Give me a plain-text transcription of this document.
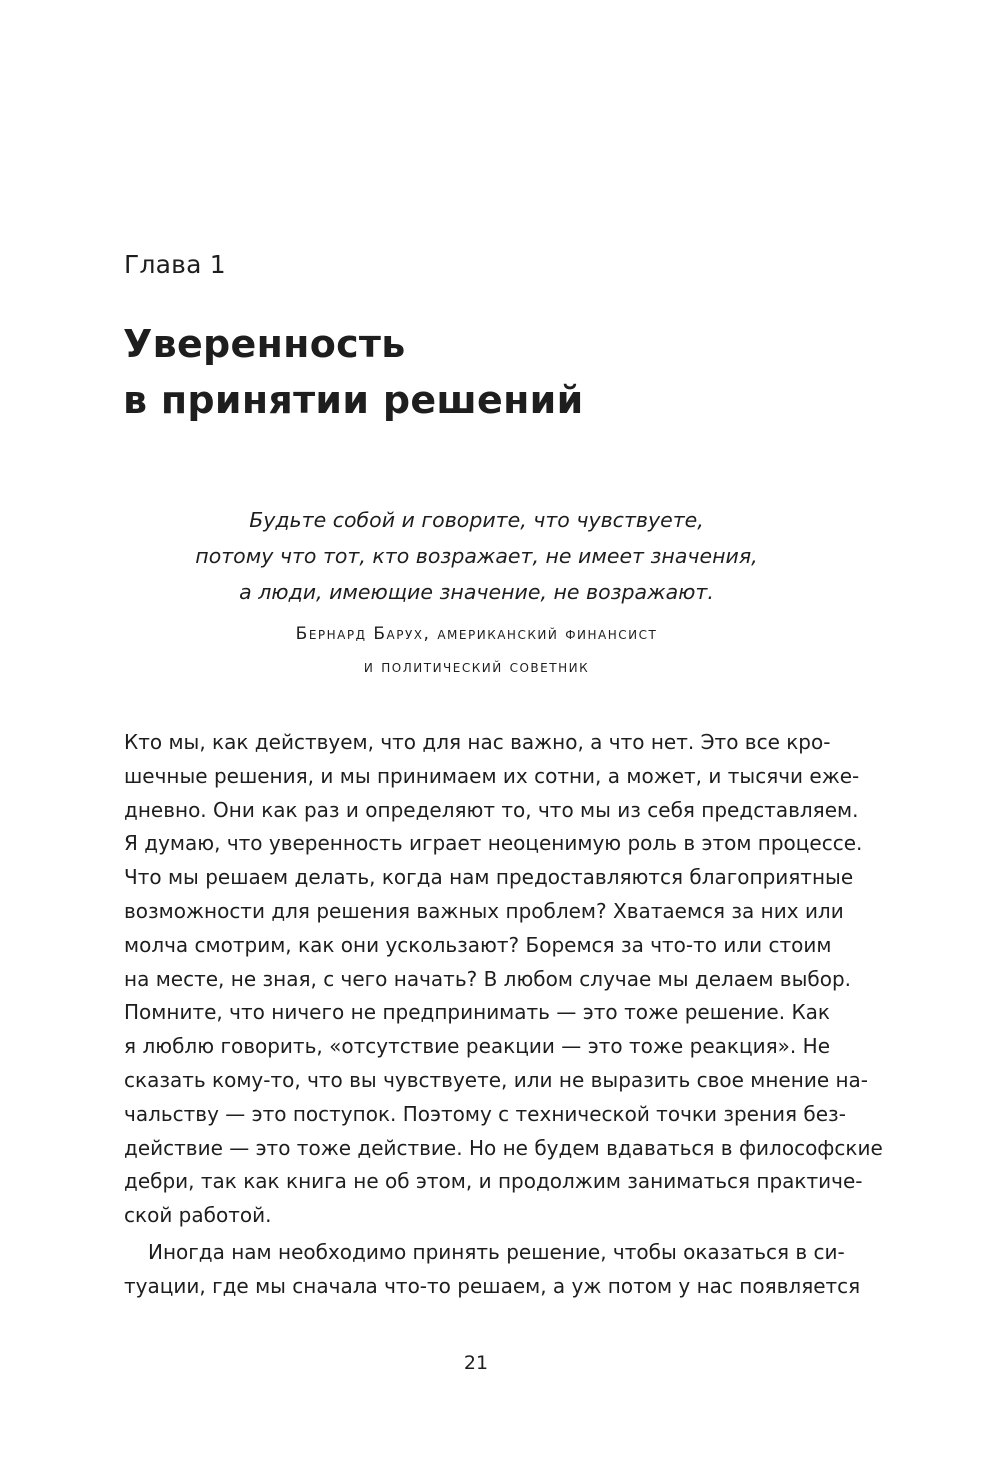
Глава 1
Уверенность
в принятии решений
Будьте собой и говорите, что чувствуете,
потому что тот, кто возражает, не имеет значения,
а люди, имеющие значение, не возражают.
Бернард Барух, американский финансист
и политический советник
Кто мы, как действуем, что для нас важно, а что нет. Это все кро-
шечные решения, и мы принимаем их сотни, а может, и тысячи еже-
дневно. Они как раз и определяют то, что мы из себя представляем.
Я думаю, что уверенность играет неоценимую роль в этом процессе.
Что мы решаем делать, когда нам предоставляются благоприятные
возможности для решения важных проблем? Хватаемся за них или
молча смотрим, как они ускользают? Боремся за что-то или стоим
на месте, не зная, с чего начать? В любом случае мы делаем выбор.
Помните, что ничего не предпринимать — это тоже решение. Как
я люблю говорить, «отсутствие реакции — это тоже реакция». Не
сказать кому-то, что вы чувствуете, или не выразить свое мнение на-
чальству — это поступок. Поэтому с технической точки зрения без-
действие — это тоже действие. Но не будем вдаваться в философские
дебри, так как книга не об этом, и продолжим заниматься практиче-
ской работой.
Иногда нам необходимо принять решение, чтобы оказаться в си-
туации, где мы сначала что-то решаем, а уж потом у нас появляется
21
